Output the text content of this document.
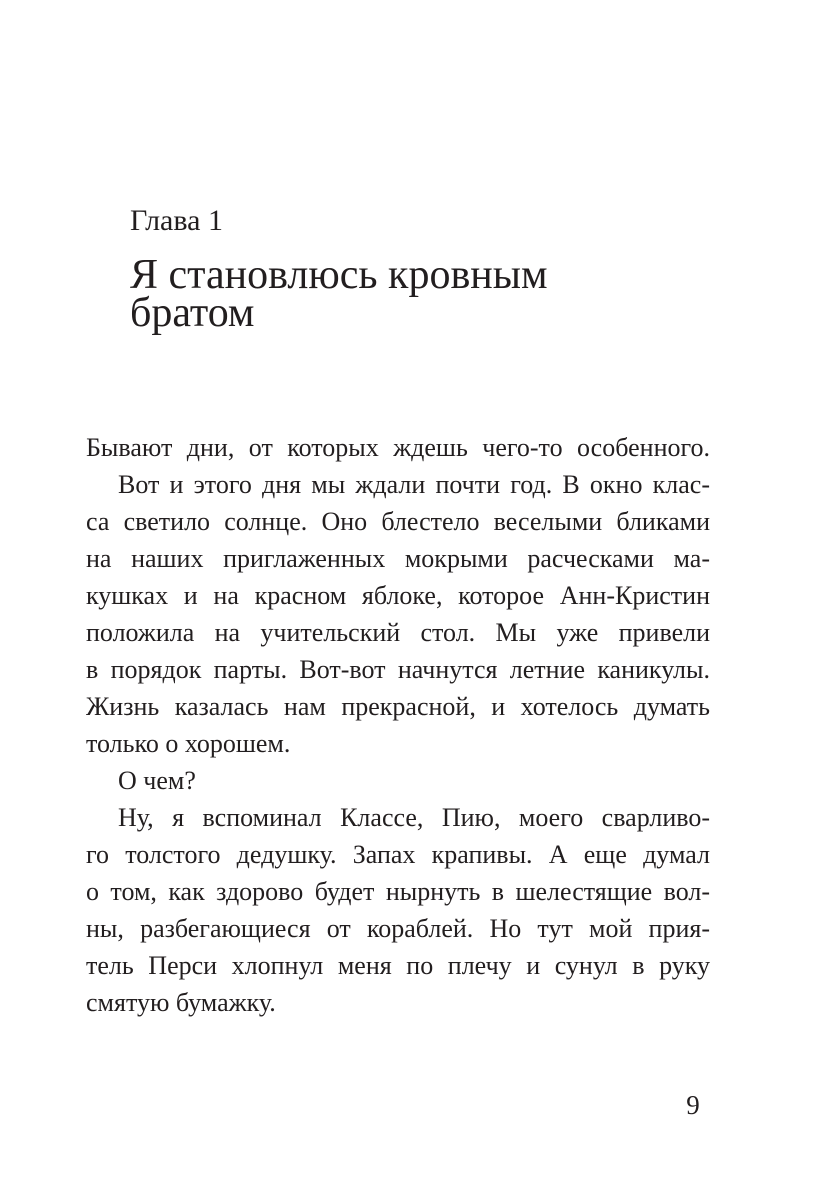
Глава 1
Я становлюсь кровным
братом
Бывают дни, от которых ждешь чего-то особенного.
Вот и этого дня мы ждали почти год. В окно клас-
са светило солнце. Оно блестело веселыми бликами
на наших приглаженных мокрыми расческами ма-
кушках и на красном яблоке, которое Анн-Кристин
положила на учительский стол. Мы уже привели
в порядок парты. Вот-вот начнутся летние каникулы.
Жизнь казалась нам прекрасной, и хотелось думать
только о хорошем.
О чем?
Ну, я вспоминал Классе, Пию, моего сварливо-
го толстого дедушку. Запах крапивы. А еще думал
о том, как здорово будет нырнуть в шелестящие вол-
ны, разбегающиеся от кораблей. Но тут мой прия-
тель Перси хлопнул меня по плечу и сунул в руку
смятую бумажку.
9
